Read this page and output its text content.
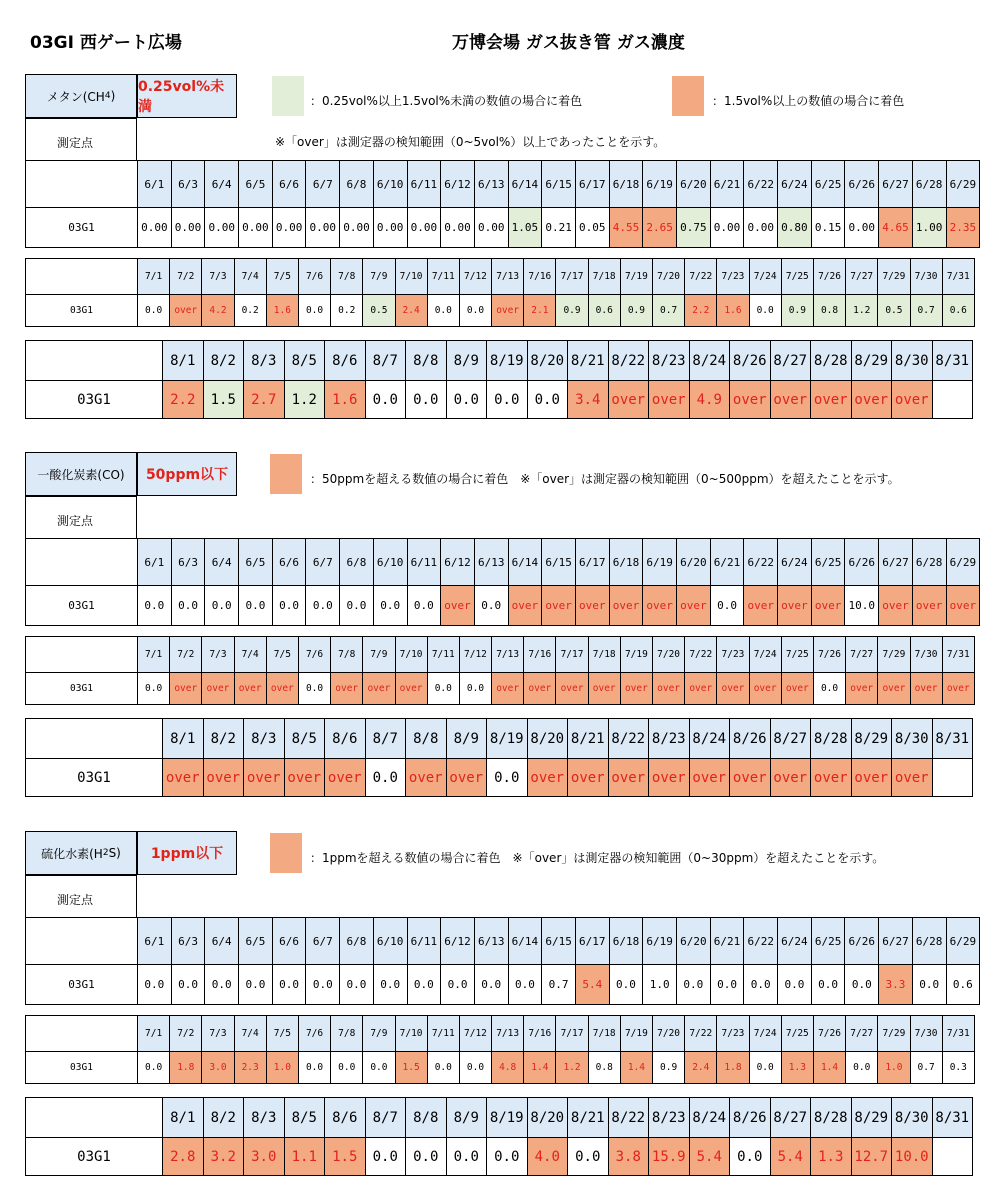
03GⅠ 西ゲート広場	万博会場 ガス抜き管 ガス濃度
メタン(CH 4 )
0.25vol%未満	：0.25vol%以上1.5vol%未満の数値の場合に着色	：1.5vol%以上の数値の場合に着色
※「over」は測定器の検知範囲（0~5vol%）以上であったことを示す。
測定点
	6/1	6/3	6/4	6/5	6/6	6/7	6/8	6/10	6/11	6/12	6/13	6/14	6/15	6/17	6/18	6/19	6/20	6/21	6/22	6/24	6/25	6/26	6/27	6/28	6/29
03G1	0.00	0.00	0.00	0.00	0.00	0.00	0.00	0.00	0.00	0.00	0.00	1.05	0.21	0.05	4.55	2.65	0.75	0.00	0.00	0.80	0.15	0.00	4.65	1.00	2.35
	7/1	7/2	7/3	7/4	7/5	7/6	7/8	7/9	7/10	7/11	7/12	7/13	7/16	7/17	7/18	7/19	7/20	7/22	7/23	7/24	7/25	7/26	7/27	7/29	7/30	7/31
03G1	0.0	over	4.2	0.2	1.6	0.0	0.2	0.5	2.4	0.0	0.0	over	2.1	0.9	0.6	0.9	0.7	2.2	1.6	0.0	0.9	0.8	1.2	0.5	0.7	0.6
	8/1	8/2	8/3	8/5	8/6	8/7	8/8	8/9	8/19	8/20	8/21	8/22	8/23	8/24	8/26	8/27	8/28	8/29	8/30	8/31
03G1	2.2	1.5	2.7	1.2	1.6	0.0	0.0	0.0	0.0	0.0	3.4	over	over	4.9	over	over	over	over	over	
一酸化炭素(CO)	50ppm以下	：50ppmを超える数値の場合に着色　※「over」は測定器の検知範囲（0~500ppm）を超えたことを示す。
測定点
	6/1	6/3	6/4	6/5	6/6	6/7	6/8	6/10	6/11	6/12	6/13	6/14	6/15	6/17	6/18	6/19	6/20	6/21	6/22	6/24	6/25	6/26	6/27	6/28	6/29
03G1	0.0	0.0	0.0	0.0	0.0	0.0	0.0	0.0	0.0	over	0.0	over	over	over	over	over	over	0.0	over	over	over	10.0	over	over	over
	7/1	7/2	7/3	7/4	7/5	7/6	7/8	7/9	7/10	7/11	7/12	7/13	7/16	7/17	7/18	7/19	7/20	7/22	7/23	7/24	7/25	7/26	7/27	7/29	7/30	7/31
03G1	0.0	over	over	over	over	0.0	over	over	over	0.0	0.0	over	over	over	over	over	over	over	over	over	over	0.0	over	over	over	over
	8/1	8/2	8/3	8/5	8/6	8/7	8/8	8/9	8/19	8/20	8/21	8/22	8/23	8/24	8/26	8/27	8/28	8/29	8/30	8/31
03G1	over	over	over	over	over	0.0	over	over	0.0	over	over	over	over	over	over	over	over	over	over	
硫化水素(H 2 S)	1ppm以下	：1ppmを超える数値の場合に着色　※「over」は測定器の検知範囲（0~30ppm）を超えたことを示す。
測定点
	6/1	6/3	6/4	6/5	6/6	6/7	6/8	6/10	6/11	6/12	6/13	6/14	6/15	6/17	6/18	6/19	6/20	6/21	6/22	6/24	6/25	6/26	6/27	6/28	6/29
03G1	0.0	0.0	0.0	0.0	0.0	0.0	0.0	0.0	0.0	0.0	0.0	0.0	0.7	5.4	0.0	1.0	0.0	0.0	0.0	0.0	0.0	0.0	3.3	0.0	0.6
	7/1	7/2	7/3	7/4	7/5	7/6	7/8	7/9	7/10	7/11	7/12	7/13	7/16	7/17	7/18	7/19	7/20	7/22	7/23	7/24	7/25	7/26	7/27	7/29	7/30	7/31
03G1	0.0	1.8	3.0	2.3	1.0	0.0	0.0	0.0	1.5	0.0	0.0	4.8	1.4	1.2	0.8	1.4	0.9	2.4	1.8	0.0	1.3	1.4	0.0	1.0	0.7	0.3
	8/1	8/2	8/3	8/5	8/6	8/7	8/8	8/9	8/19	8/20	8/21	8/22	8/23	8/24	8/26	8/27	8/28	8/29	8/30	8/31
03G1	2.8	3.2	3.0	1.1	1.5	0.0	0.0	0.0	0.0	4.0	0.0	3.8	15.9	5.4	0.0	5.4	1.3	12.7	10.0	
